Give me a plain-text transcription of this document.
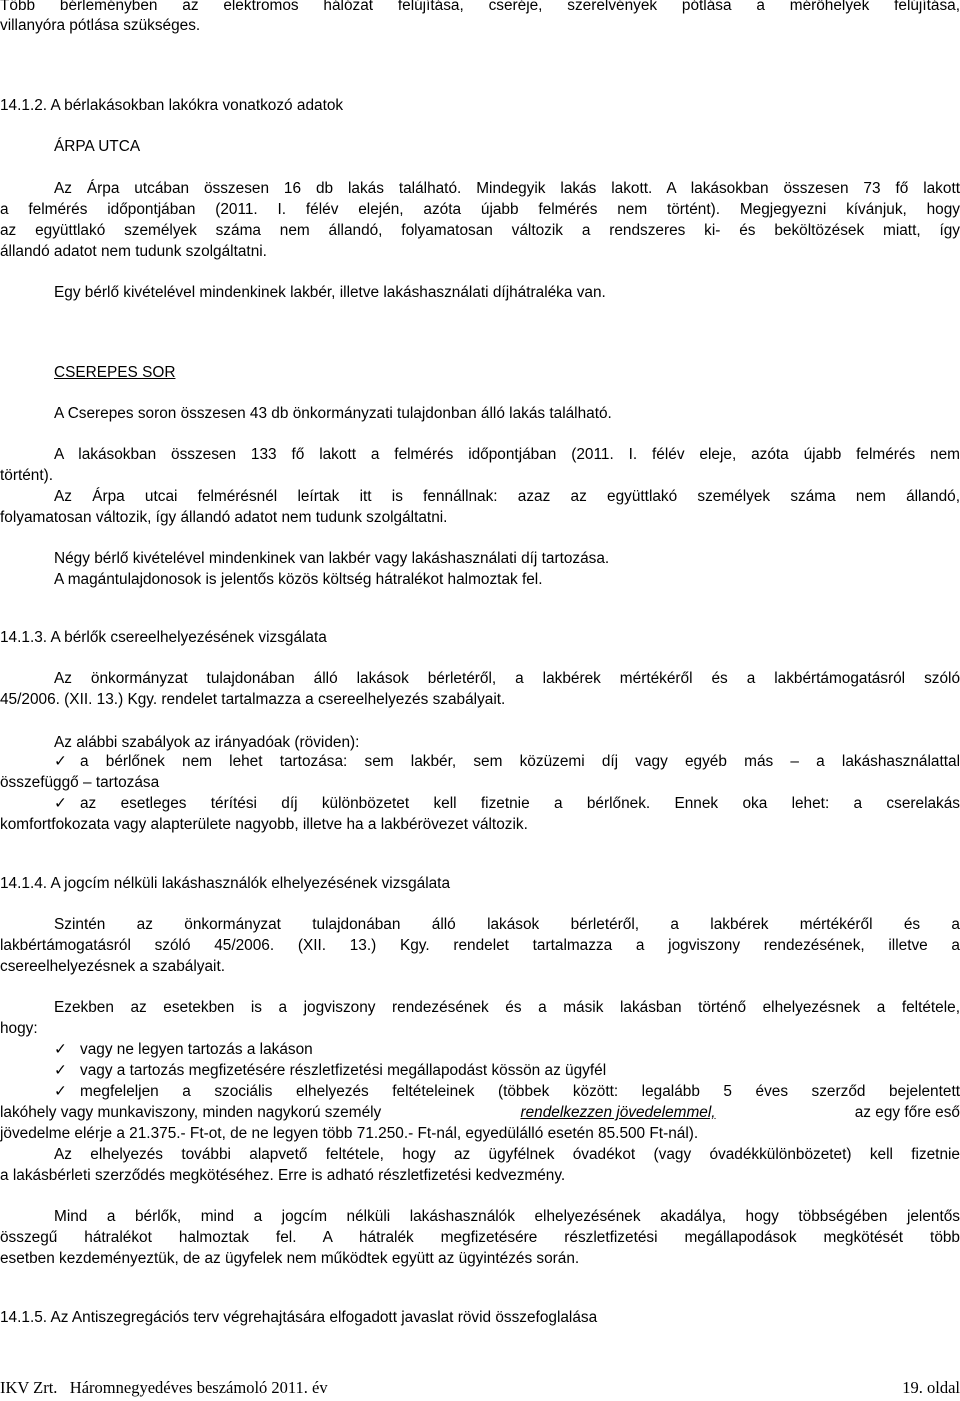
Több bérleményben az elektromos hálózat felújítása, cseréje, szerelvények pótlása a mérőhelyek felújítása,

villanyóra pótlása szükséges.

14.1.2. A bérlakásokban lakókra vonatkozó adatok

ÁRPA UTCA

Az Árpa utcában összesen 16 db lakás található. Mindegyik lakás lakott. A lakásokban összesen 73 fő lakott

a felmérés időpontjában (2011. I. félév elején, azóta újabb felmérés nem történt). Megjegyezni kívánjuk, hogy

az együttlakó személyek száma nem állandó, folyamatosan változik a rendszeres ki- és beköltözések miatt, így

állandó adatot nem tudunk szolgáltatni.

Egy bérlő kivételével mindenkinek lakbér, illetve lakáshasználati díjhátraléka van.

CSEREPES SOR

A Cserepes soron összesen 43 db önkormányzati tulajdonban álló lakás található.

A lakásokban összesen 133 fő lakott a felmérés időpontjában (2011. I. félév eleje, azóta újabb felmérés nem

történt).

Az Árpa utcai felmérésnél leírtak itt is fennállnak: azaz az együttlakó személyek száma nem állandó,

folyamatosan változik, így állandó adatot nem tudunk szolgáltatni.

Négy bérlő kivételével mindenkinek van lakbér vagy lakáshasználati díj tartozása.

A magántulajdonosok is jelentős közös költség hátralékot halmoztak fel.

14.1.3. A bérlők csereelhelyezésének vizsgálata

Az önkormányzat tulajdonában álló lakások bérletéről, a lakbérek mértékéről és a lakbértámogatásról szóló

45/2006. (XII. 13.) Kgy. rendelet tartalmazza a csereelhelyezés szabályait.

Az alábbi szabályok az irányadóak (röviden):

✓ a bérlőnek nem lehet tartozása: sem lakbér, sem közüzemi díj vagy egyéb más – a lakáshasználattal

összefüggő – tartozása

✓ az esetleges térítési díj különbözetet kell fizetnie a bérlőnek. Ennek oka lehet: a cserelakás

komfortfokozata vagy alapterülete nagyobb, illetve ha a lakbérövezet változik.

14.1.4. A jogcím nélküli lakáshasználók elhelyezésének vizsgálata

Szintén az önkormányzat tulajdonában álló lakások bérletéről, a lakbérek mértékéről és a

lakbértámogatásról szóló 45/2006. (XII. 13.) Kgy. rendelet tartalmazza a jogviszony rendezésének, illetve a

csereelhelyezésnek a szabályait.

Ezekben az esetekben is a jogviszony rendezésének és a másik lakásban történő elhelyezésnek a feltétele,

hogy:

✓ vagy ne legyen tartozás a lakáson

✓ vagy a tartozás megfizetésére részletfizetési megállapodást kössön az ügyfél

✓ megfeleljen a szociális elhelyezés feltételeinek (többek között: legalább 5 éves szerződ bejelentett

lakóhely vagy munkaviszony, minden nagykorú személy	rendelkezzen jövedelemmel,	az egy főre eső

jövedelme elérje a 21.375.- Ft-ot, de ne legyen több 71.250.- Ft-nál, egyedülálló esetén 85.500 Ft-nál).

Az elhelyezés további alapvető feltétele, hogy az ügyfélnek óvadékot (vagy óvadékkülönbözetet) kell fizetnie

a lakásbérleti szerződés megkötéséhez. Erre is adható részletfizetési kedvezmény.

Mind a bérlők, mind a jogcím nélküli lakáshasználók elhelyezésének akadálya, hogy többségében jelentős

összegű hátralékot halmoztak fel. A hátralék megfizetésére részletfizetési megállapodások megkötését több

esetben kezdeményeztük, de az ügyfelek nem működtek együtt az ügyintézés során.

14.1.5. Az Antiszegregációs terv végrehajtására elfogadott javaslat rövid összefoglalása

IKV Zrt.   Háromnegyedéves beszámoló 2011. év	19. oldal
